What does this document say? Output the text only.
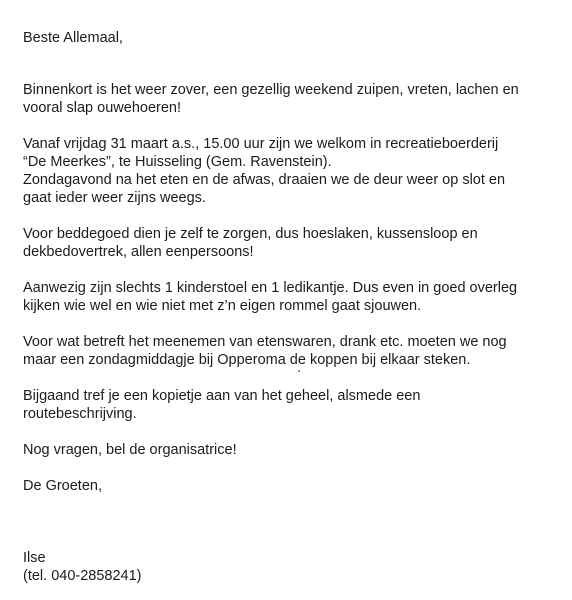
Beste Allemaal,

Binnenkort is het weer zover, een gezellig weekend zuipen, vreten, lachen en
vooral slap ouwehoeren!
Vanaf vrijdag 31 maart a.s., 15.00 uur zijn we welkom in recreatieboerderij
“De Meerkes”, te Huisseling (Gem. Ravenstein).
Zondagavond na het eten en de afwas, draaien we de deur weer op slot en
gaat ieder weer zijns weegs.
Voor beddegoed dien je zelf te zorgen, dus hoeslaken, kussensloop en
dekbedovertrek, allen eenpersoons!
Aanwezig zijn slechts 1 kinderstoel en 1 ledikantje. Dus even in goed overleg
kijken wie wel en wie niet met z’n eigen rommel gaat sjouwen.
Voor wat betreft het meenemen van etenswaren, drank etc. moeten we nog
maar een zondagmiddagje bij Opperoma de koppen bij elkaar steken.
Bijgaand tref je een kopietje aan van het geheel, alsmede een
routebeschrijving.
Nog vragen, bel de organisatrice!

De Groeten,

Ilse

(tel. 040-2858241)
